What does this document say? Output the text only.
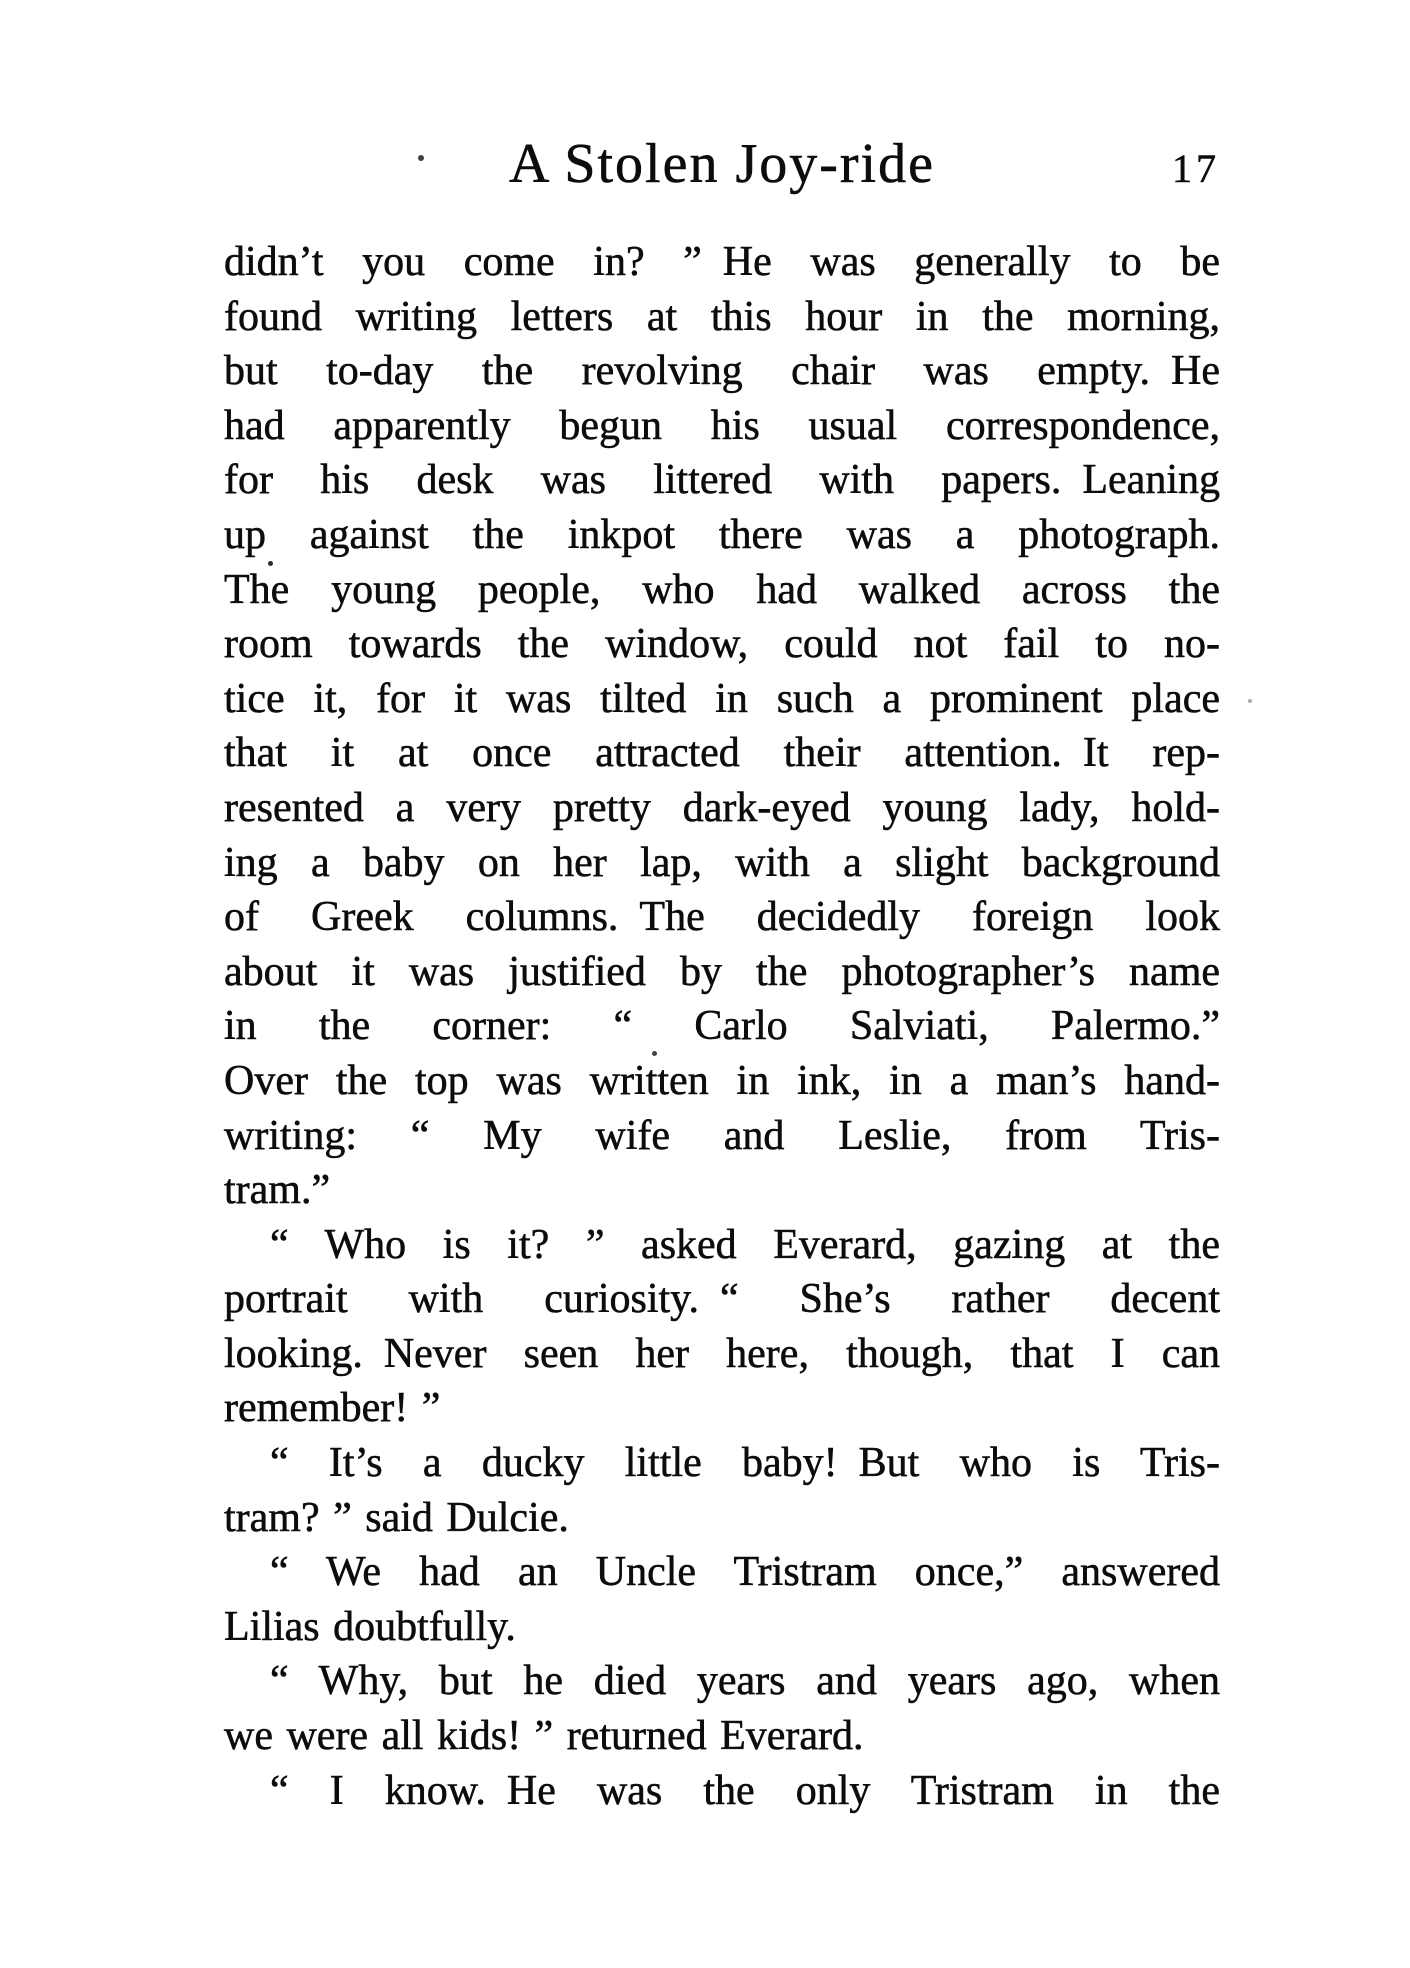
A Stolen Joy-ride	17
didn’t you come in? ” He was generally to be
found writing letters at this hour in the morning,
but to-day the revolving chair was empty. He
had apparently begun his usual correspondence,
for his desk was littered with papers. Leaning
up against the inkpot there was a photograph.
The young people, who had walked across the
room towards the window, could not fail to no-
tice it, for it was tilted in such a prominent place
that it at once attracted their attention. It rep-
resented a very pretty dark-eyed young lady, hold-
ing a baby on her lap, with a slight background
of Greek columns. The decidedly foreign look
about it was justified by the photographer’s name
in the corner: “ Carlo Salviati, Palermo.”
Over the top was written in ink, in a man’s hand-
writing: “ My wife and Leslie, from Tris-
tram.”
“ Who is it? ” asked Everard, gazing at the
portrait with curiosity. “ She’s rather decent
looking. Never seen her here, though, that I can
remember! ”
“ It’s a ducky little baby! But who is Tris-
tram? ” said Dulcie.
“ We had an Uncle Tristram once,” answered
Lilias doubtfully.
“ Why, but he died years and years ago, when
we were all kids! ” returned Everard.
“ I know. He was the only Tristram in the
